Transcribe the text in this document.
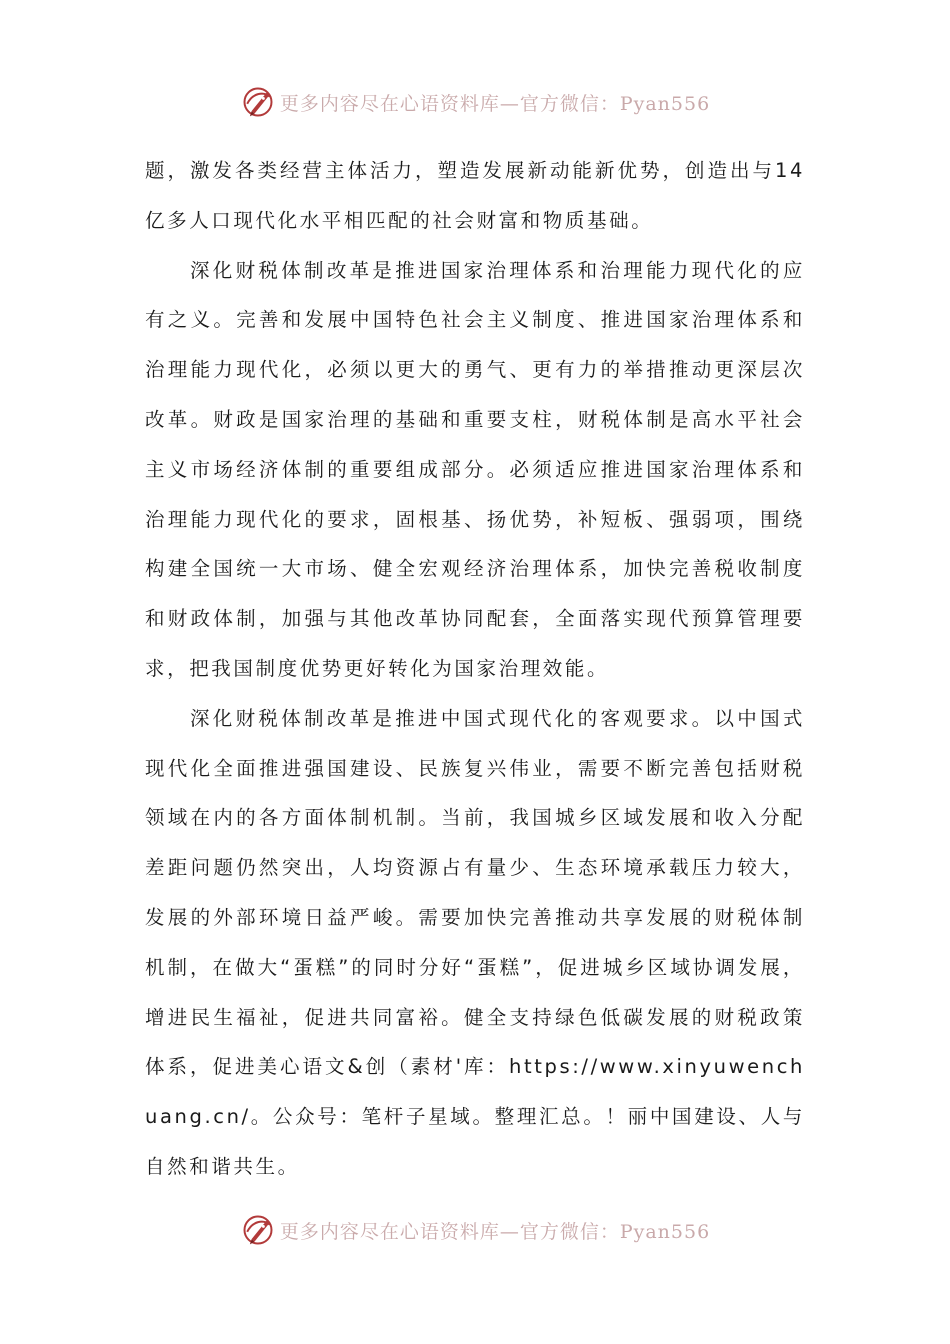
更多内容尽在心语资料库—官方微信：Pyan556

题，激发各类经营主体活力，塑造发展新动能新优势，创造出与14亿多人口现代化水平相匹配的社会财富和物质基础。

深化财税体制改革是推进国家治理体系和治理能力现代化的应有之义。完善和发展中国特色社会主义制度、推进国家治理体系和治理能力现代化，必须以更大的勇气、更有力的举措推动更深层次改革。财政是国家治理的基础和重要支柱，财税体制是高水平社会主义市场经济体制的重要组成部分。必须适应推进国家治理体系和治理能力现代化的要求，固根基、扬优势，补短板、强弱项，围绕构建全国统一大市场、健全宏观经济治理体系，加快完善税收制度和财政体制，加强与其他改革协同配套，全面落实现代预算管理要求，把我国制度优势更好转化为国家治理效能。

深化财税体制改革是推进中国式现代化的客观要求。以中国式现代化全面推进强国建设、民族复兴伟业，需要不断完善包括财税领域在内的各方面体制机制。当前，我国城乡区域发展和收入分配差距问题仍然突出，人均资源占有量少、生态环境承载压力较大，发展的外部环境日益严峻。需要加快完善推动共享发展的财税体制机制，在做大“蛋糕”的同时分好“蛋糕”，促进城乡区域协调发展，增进民生福祉，促进共同富裕。健全支持绿色低碳发展的财税政策体系，促进美心语文&创（素材'库：https://www.xinyuwenchuang.cn/。公众号：笔杆子星域。整理汇总。！丽中国建设、人与自然和谐共生。

更多内容尽在心语资料库—官方微信：Pyan556
